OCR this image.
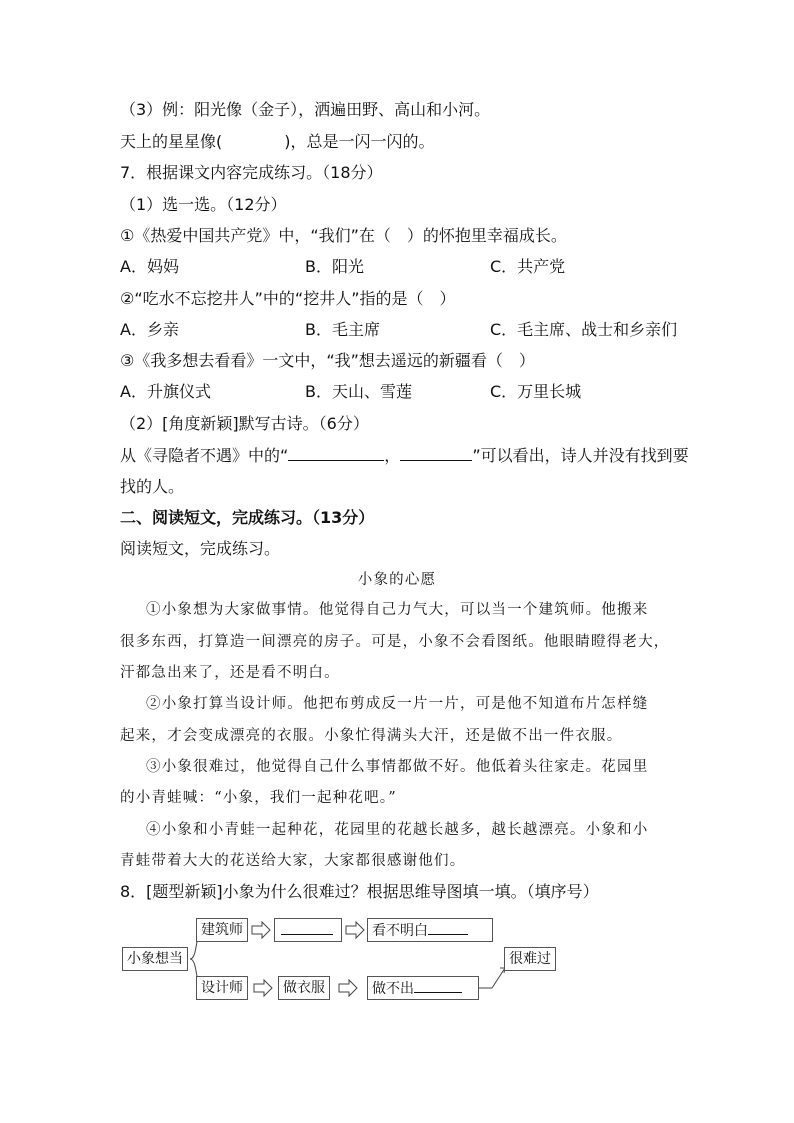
（3）例：阳光像（金子），洒遍田野、高山和小河。
天上的星星像(	)，总是一闪一闪的。
7．根据课文内容完成练习。（18分）
（1）选一选。（12分）
①《热爱中国共产党》中，“我们”在（　）的怀抱里幸福成长。
A．妈妈	B．阳光	C．共产党
②“吃水不忘挖井人”中的“挖井人”指的是（　）
A．乡亲	B．毛主席	C．毛主席、战士和乡亲们
③《我多想去看看》一文中，“我”想去遥远的新疆看（　）
A．升旗仪式	B．天山、雪莲	C．万里长城
（2）[角度新颖]默写古诗。（6分）
从《寻隐者不遇》中的“	，	”可以看出，诗人并没有找到要
找的人。
二、阅读短文，完成练习。（13分）
阅读短文，完成练习。
小象的心愿
①小象想为大家做事情。他觉得自己力气大，可以当一个建筑师。他搬来
很多东西，打算造一间漂亮的房子。可是，小象不会看图纸。他眼睛瞪得老大，
汗都急出来了，还是看不明白。
②小象打算当设计师。他把布剪成反一片一片，可是他不知道布片怎样缝
起来，才会变成漂亮的衣服。小象忙得满头大汗，还是做不出一件衣服。
③小象很难过，他觉得自己什么事情都做不好。他低着头往家走。花园里
的小青蛙喊：“小象，我们一起种花吧。”
④小象和小青蛙一起种花，花园里的花越长越多，越长越漂亮。小象和小
青蛙带着大大的花送给大家，大家都很感谢他们。
8．[题型新颖]小象为什么很难过？根据思维导图填一填。（填序号）
小象想当
建筑师	看不明白
设计师	做衣服	做不出
很难过
